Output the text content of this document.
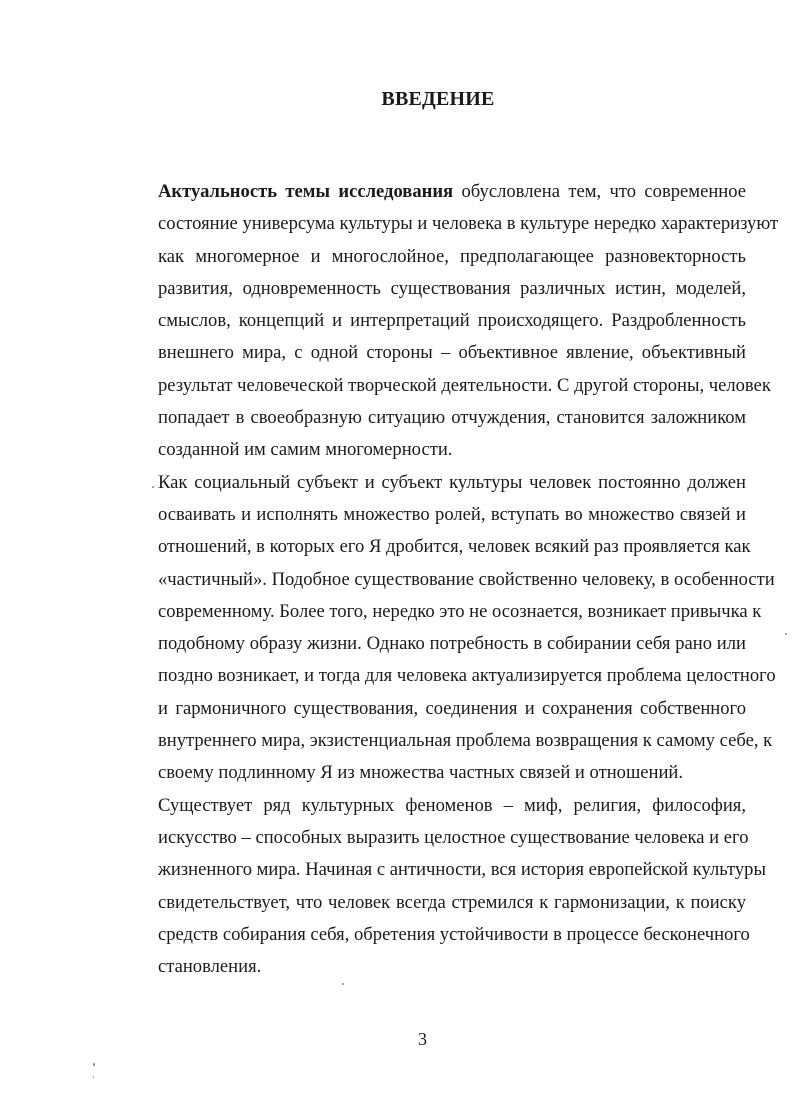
ВВЕДЕНИЕ
Актуальность темы исследования обусловлена тем, что современное
состояние универсума культуры и человека в культуре нередко характеризуют
как многомерное и многослойное, предполагающее разновекторность
развития, одновременность существования различных истин, моделей,
смыслов, концепций и интерпретаций происходящего. Раздробленность
внешнего мира, с одной стороны – объективное явление, объективный
результат человеческой творческой деятельности. С другой стороны, человек
попадает в своеобразную ситуацию отчуждения, становится заложником
созданной им самим многомерности.
Как социальный субъект и субъект культуры человек постоянно должен
осваивать и исполнять множество ролей, вступать во множество связей и
отношений, в которых его Я дробится, человек всякий раз проявляется как
«частичный». Подобное существование свойственно человеку, в особенности
современному. Более того, нередко это не осознается, возникает привычка к
подобному образу жизни. Однако потребность в собирании себя рано или
поздно возникает, и тогда для человека актуализируется проблема целостного
и гармоничного существования, соединения и сохранения собственного
внутреннего мира, экзистенциальная проблема возвращения к самому себе, к
своему подлинному Я из множества частных связей и отношений.
Существует ряд культурных феноменов – миф, религия, философия,
искусство – способных выразить целостное существование человека и его
жизненного мира. Начиная с античности, вся история европейской культуры
свидетельствует, что человек всегда стремился к гармонизации, к поиску
средств собирания себя, обретения устойчивости в процессе бесконечного
становления.
3
